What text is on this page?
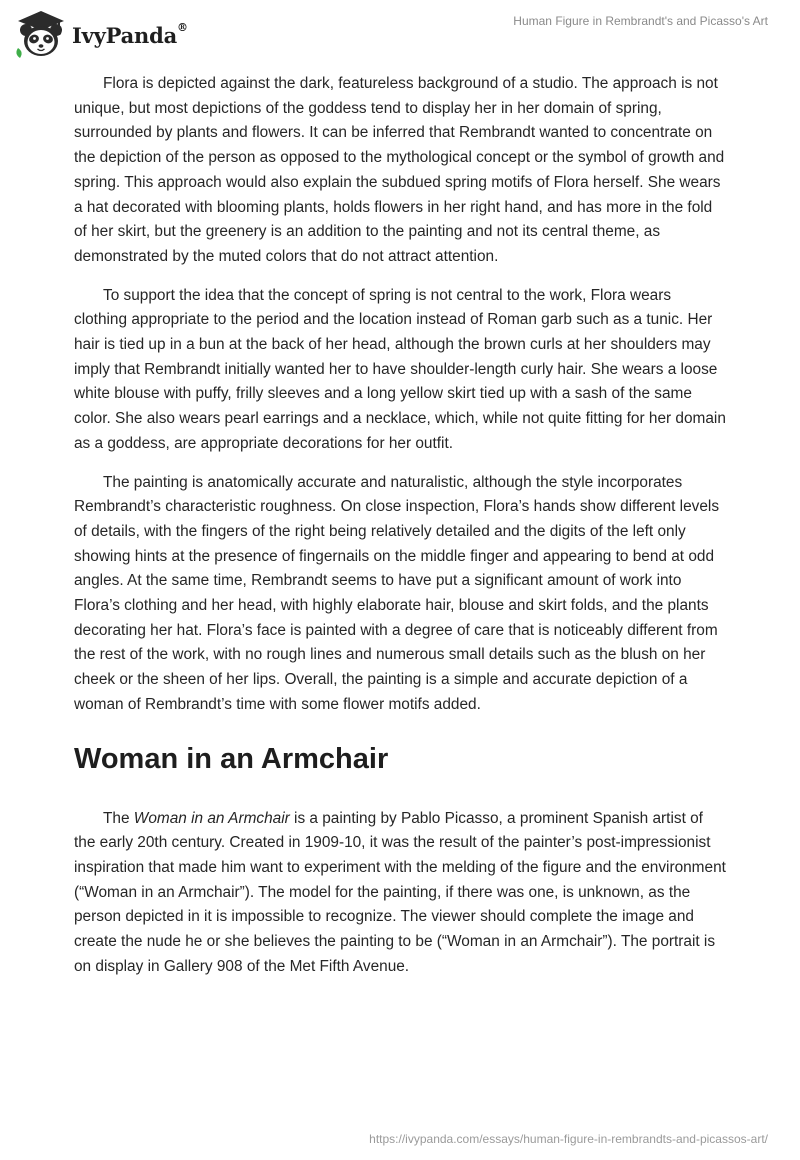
IvyPanda®	Human Figure in Rembrandt's and Picasso's Art

Flora is depicted against the dark, featureless background of a studio. The approach is not unique, but most depictions of the goddess tend to display her in her domain of spring, surrounded by plants and flowers. It can be inferred that Rembrandt wanted to concentrate on the depiction of the person as opposed to the mythological concept or the symbol of growth and spring. This approach would also explain the subdued spring motifs of Flora herself. She wears a hat decorated with blooming plants, holds flowers in her right hand, and has more in the fold of her skirt, but the greenery is an addition to the painting and not its central theme, as demonstrated by the muted colors that do not attract attention.

To support the idea that the concept of spring is not central to the work, Flora wears clothing appropriate to the period and the location instead of Roman garb such as a tunic. Her hair is tied up in a bun at the back of her head, although the brown curls at her shoulders may imply that Rembrandt initially wanted her to have shoulder-length curly hair. She wears a loose white blouse with puffy, frilly sleeves and a long yellow skirt tied up with a sash of the same color. She also wears pearl earrings and a necklace, which, while not quite fitting for her domain as a goddess, are appropriate decorations for her outfit.

The painting is anatomically accurate and naturalistic, although the style incorporates Rembrandt’s characteristic roughness. On close inspection, Flora’s hands show different levels of details, with the fingers of the right being relatively detailed and the digits of the left only showing hints at the presence of fingernails on the middle finger and appearing to bend at odd angles. At the same time, Rembrandt seems to have put a significant amount of work into Flora’s clothing and her head, with highly elaborate hair, blouse and skirt folds, and the plants decorating her hat. Flora’s face is painted with a degree of care that is noticeably different from the rest of the work, with no rough lines and numerous small details such as the blush on her cheek or the sheen of her lips. Overall, the painting is a simple and accurate depiction of a woman of Rembrandt’s time with some flower motifs added.

Woman in an Armchair

The Woman in an Armchair is a painting by Pablo Picasso, a prominent Spanish artist of the early 20th century. Created in 1909-10, it was the result of the painter’s post-impressionist inspiration that made him want to experiment with the melding of the figure and the environment (“Woman in an Armchair”). The model for the painting, if there was one, is unknown, as the person depicted in it is impossible to recognize. The viewer should complete the image and create the nude he or she believes the painting to be (“Woman in an Armchair”). The portrait is on display in Gallery 908 of the Met Fifth Avenue.

https://ivypanda.com/essays/human-figure-in-rembrandts-and-picassos-art/
